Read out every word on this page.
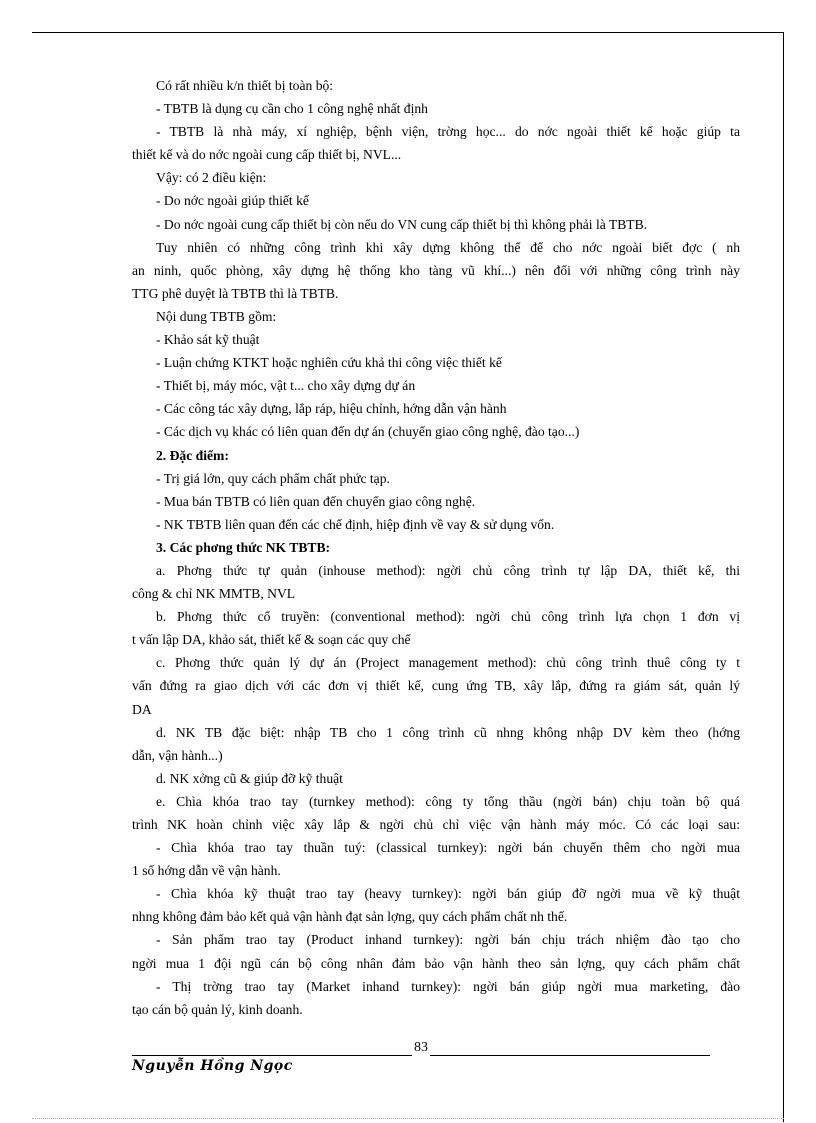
Có rất nhiều k/n thiết bị toàn bộ:
- TBTB là dụng cụ cần cho 1 công nghệ nhất định
- TBTB là nhà máy, xí nghiệp, bệnh viện, trờng học... do nớc ngoài thiết kế hoặc giúp ta
thiết kế và do nớc ngoài cung cấp thiết bị, NVL...
Vậy: có 2 điều kiện:
- Do nớc ngoài giúp thiết kế
- Do nớc ngoài cung cấp thiết bị còn nếu do VN cung cấp thiết bị thì không phải là TBTB.
Tuy nhiên có những công trình khi xây dựng không thể để cho nớc ngoài biết đợc ( nh
an ninh, quốc phòng, xây dựng hệ thống kho tàng vũ khí...) nên đối với những công trình này
TTG phê duyệt là TBTB thì là TBTB.
Nội dung TBTB gồm:
- Khảo sát kỹ thuật
- Luận chứng KTKT hoặc nghiên cứu khả thi công việc thiết kế
- Thiết bị, máy móc, vật t... cho xây dựng dự án
- Các công tác xây dựng, lắp ráp, hiệu chỉnh, hớng dẫn vận hành
- Các dịch vụ khác có liên quan đến dự án (chuyển giao công nghệ, đào tạo...)
2. Đặc điểm:
- Trị giá lớn, quy cách phẩm chất phức tạp.
- Mua bán TBTB có liên quan đến chuyển giao công nghệ.
- NK TBTB liên quan đến các chế định, hiệp định về vay & sử dụng vốn.
3. Các phơng thức NK TBTB:
a. Phơng thức tự quản (inhouse method): ngời chủ công trình tự lập DA, thiết kế, thi
công & chỉ NK MMTB, NVL
b. Phơng thức cổ truyền: (conventional method): ngời chủ công trình lựa chọn 1 đơn vị
t vấn lập DA, khảo sát, thiết kế & soạn các quy chế
c. Phơng thức quản lý dự án (Project management method): chủ công trình thuê công ty t
vấn đứng ra giao dịch với các đơn vị thiết kế, cung ứng TB, xây lắp, đứng ra giám sát, quản lý
DA
d. NK TB đặc biệt: nhập TB cho 1 công trình cũ nhng không nhập DV kèm theo (hớng
dẫn, vận hành...)
d. NK xởng cũ & giúp đỡ kỹ thuật
e. Chìa khóa trao tay (turnkey method): công ty tổng thầu (ngời bán) chịu toàn bộ quá
trình NK hoàn chỉnh việc xây lắp & ngời chủ chỉ việc vận hành máy móc. Có các loại sau:
- Chìa khóa trao tay thuần tuý: (classical turnkey): ngời bán chuyển thêm cho ngời mua
1 số hớng dẫn về vận hành.
- Chìa khóa kỹ thuật trao tay (heavy turnkey): ngời bán giúp đỡ ngời mua về kỹ thuật
nhng không đảm bảo kết quả vận hành đạt sản lợng, quy cách phẩm chất nh thế.
- Sản phẩm trao tay (Product inhand turnkey): ngời bán chịu trách nhiệm đào tạo cho
ngời mua 1 đội ngũ cán bộ công nhân đảm bảo vận hành theo sản lợng, quy cách phẩm chất
- Thị trờng trao tay (Market inhand turnkey): ngời bán giúp ngời mua marketing, đào
tạo cán bộ quản lý, kinh doanh.
83
Nguyễn Hồng Ngọc
